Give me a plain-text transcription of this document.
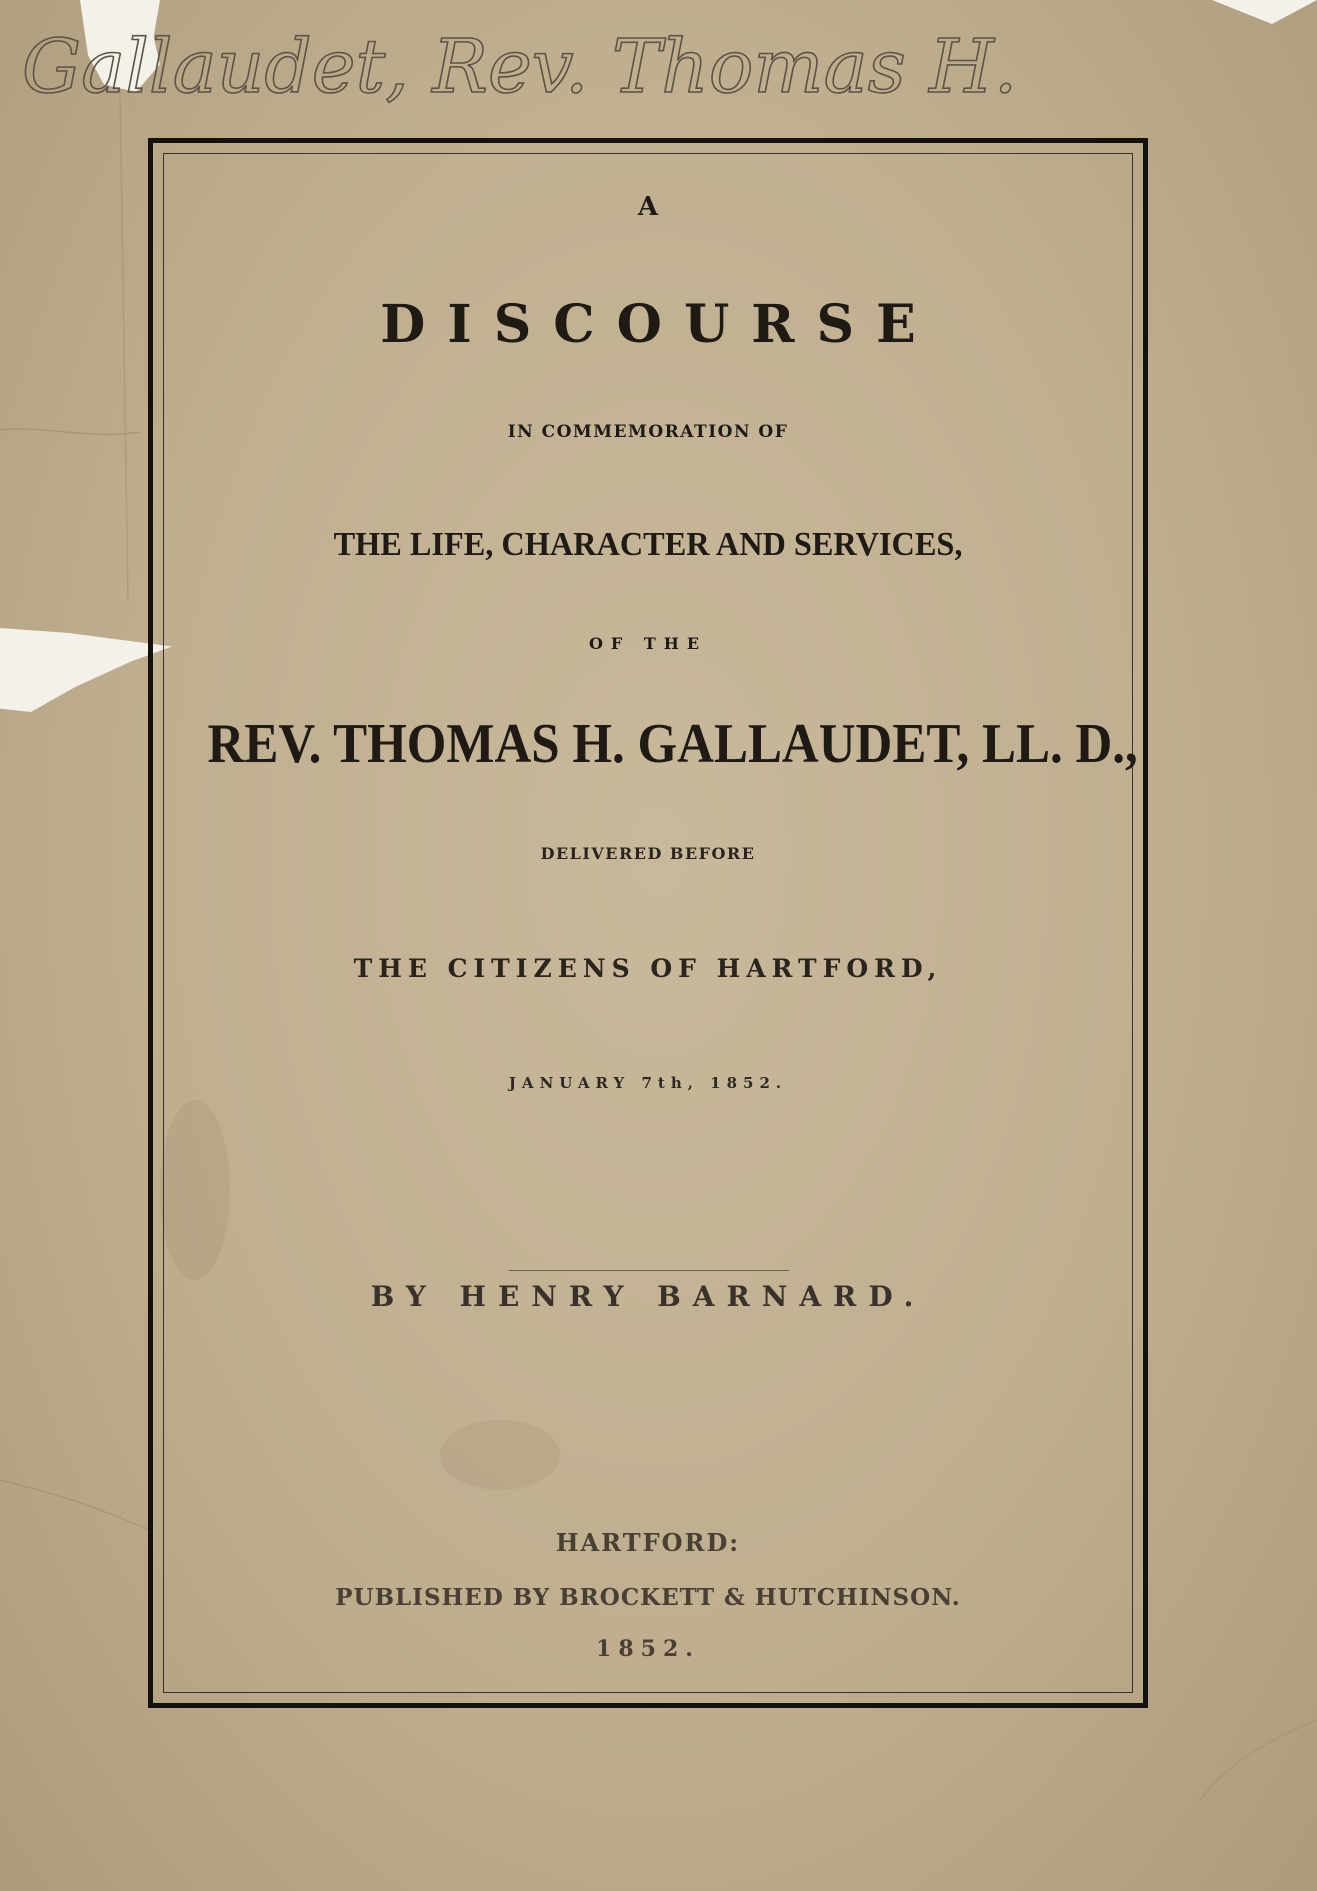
Gallaudet, Rev. Thomas H.
A
DISCOURSE
IN COMMEMORATION OF
THE LIFE, CHARACTER AND SERVICES,
OF THE
REV. THOMAS H. GALLAUDET, LL. D.,
DELIVERED BEFORE
THE CITIZENS OF HARTFORD,
JANUARY 7th, 1852.
BY HENRY BARNARD.
HARTFORD:
PUBLISHED BY BROCKETT & HUTCHINSON.
1852.
